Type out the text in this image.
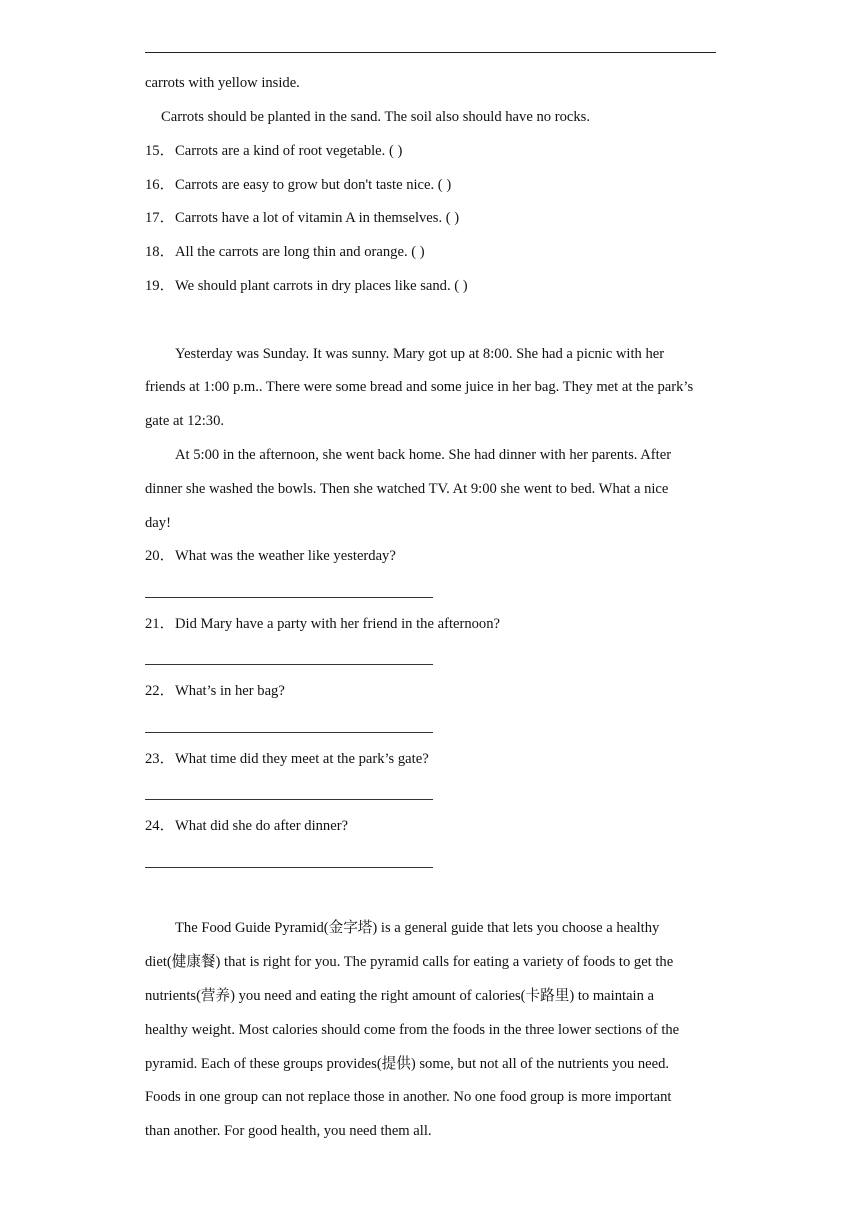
carrots with yellow inside.
Carrots should be planted in the sand. The soil also should have no rocks.
15．Carrots are a kind of root vegetable. ( )
16．Carrots are easy to grow but don't taste nice. ( )
17．Carrots have a lot of vitamin A in themselves. ( )
18．All the carrots are long thin and orange. ( )
19．We should plant carrots in dry places like sand. ( )
Yesterday was Sunday. It was sunny. Mary got up at 8:00. She had a picnic with her
friends at 1:00 p.m.. There were some bread and some juice in her bag. They met at the park’s
gate at 12:30.
At 5:00 in the afternoon, she went back home. She had dinner with her parents. After
dinner she washed the bowls. Then she watched TV. At 9:00 she went to bed. What a nice
day!
20．What was the weather like yesterday?
21．Did Mary have a party with her friend in the afternoon?
22．What’s in her bag?
23．What time did they meet at the park’s gate?
24．What did she do after dinner?
The Food Guide Pyramid(金字塔) is a general guide that lets you choose a healthy
diet(健康餐) that is right for you. The pyramid calls for eating a variety of foods to get the
nutrients(营养) you need and eating the right amount of calories(卡路里) to maintain a
healthy weight. Most calories should come from the foods in the three lower sections of the
pyramid. Each of these groups provides(提供) some, but not all of the nutrients you need.
Foods in one group can not replace those in another. No one food group is more important
than another. For good health, you need them all.
